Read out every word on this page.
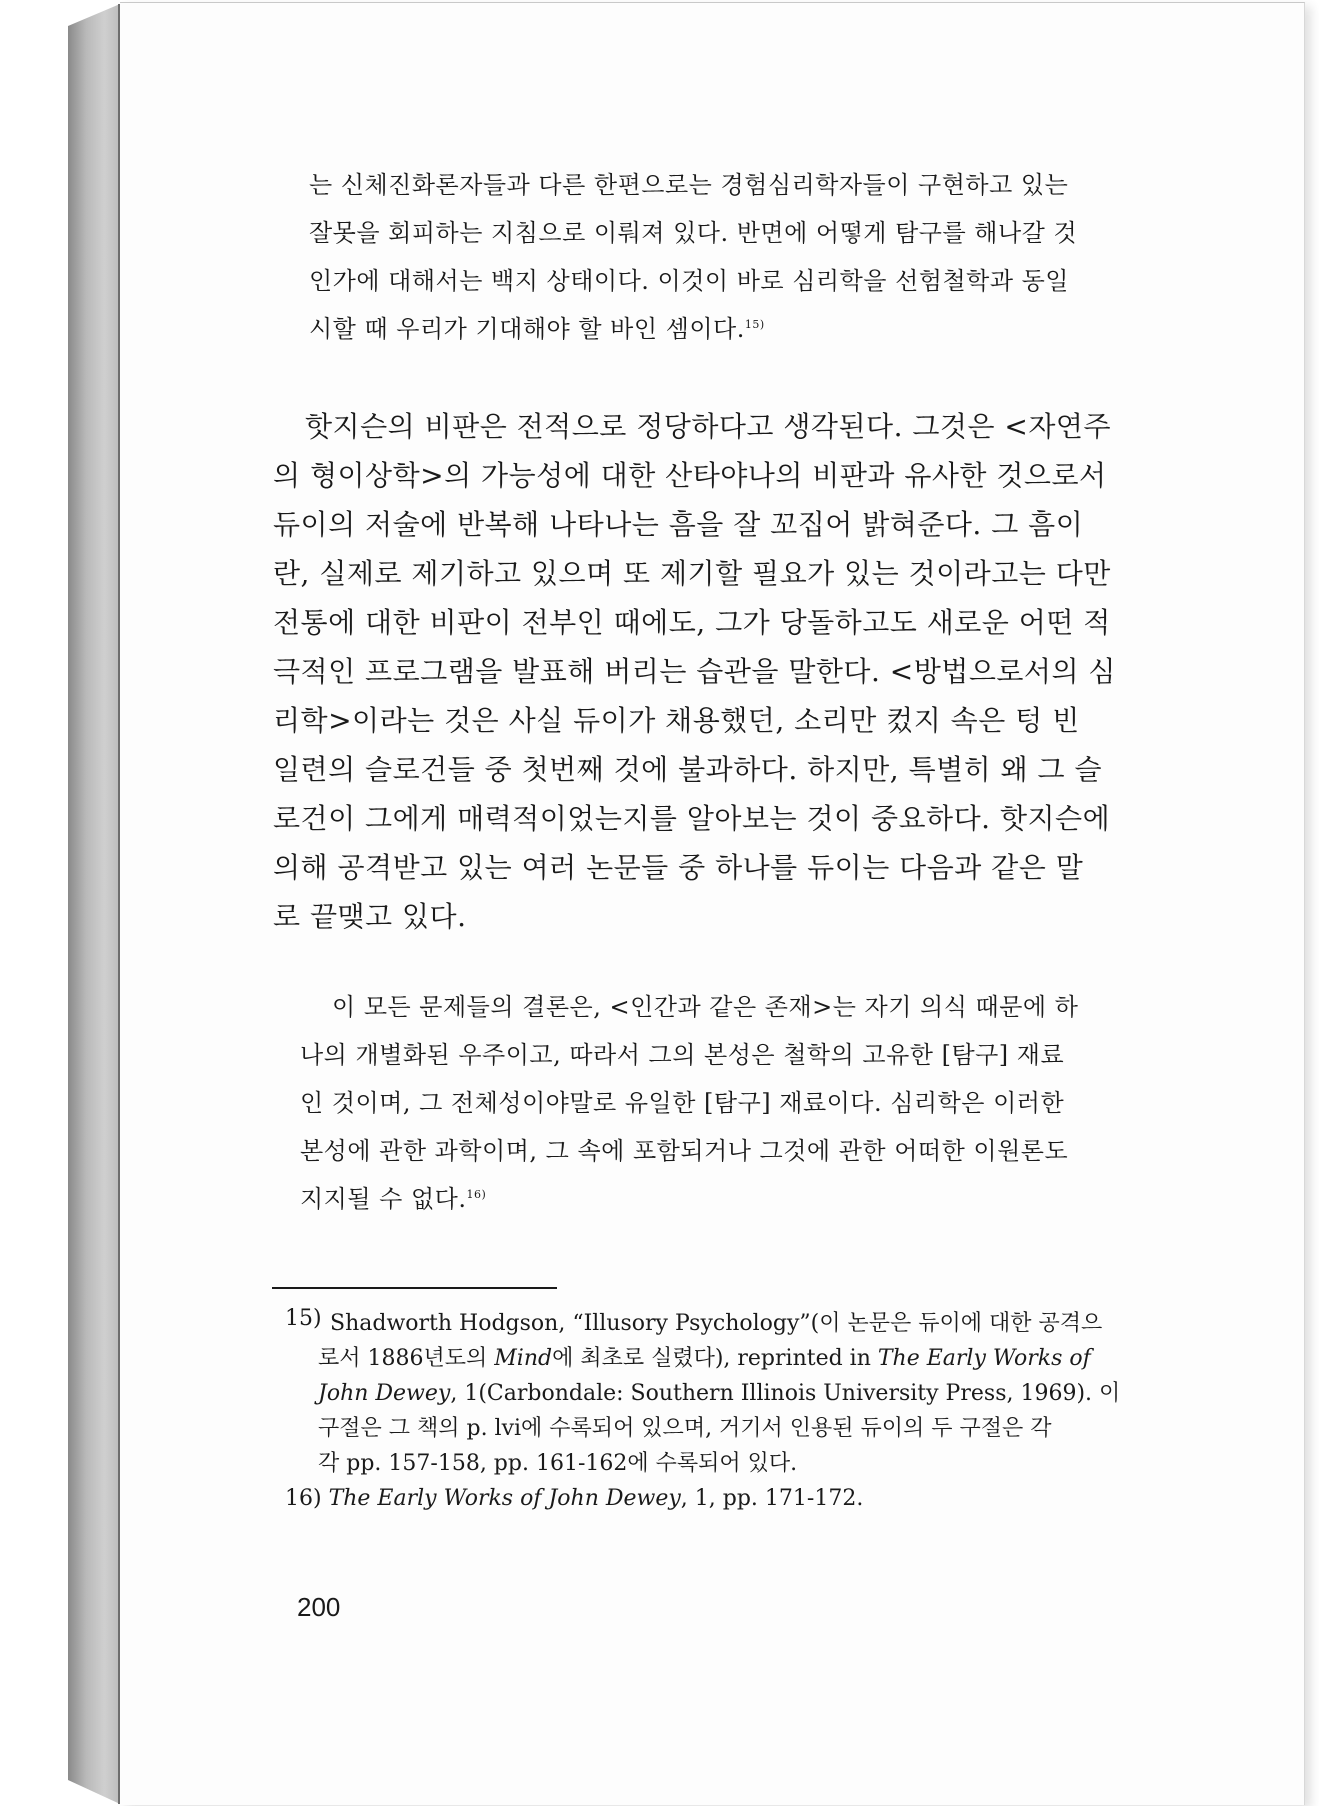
는 신체진화론자들과 다른 한편으로는 경험심리학자들이 구현하고 있는
잘못을 회피하는 지침으로 이뤄져 있다. 반면에 어떻게 탐구를 해나갈 것
인가에 대해서는 백지 상태이다. 이것이 바로 심리학을 선험철학과 동일
시할 때 우리가 기대해야 할 바인 셈이다.$^{15)}$
핫지슨의 비판은 전적으로 정당하다고 생각된다. 그것은 <자연주
의 형이상학>의 가능성에 대한 산타야나의 비판과 유사한 것으로서
듀이의 저술에 반복해 나타나는 흠을 잘 꼬집어 밝혀준다. 그 흠이
란, 실제로 제기하고 있으며 또 제기할 필요가 있는 것이라고는 다만
전통에 대한 비판이 전부인 때에도, 그가 당돌하고도 새로운 어떤 적
극적인 프로그램을 발표해 버리는 습관을 말한다. <방법으로서의 심
리학>이라는 것은 사실 듀이가 채용했던, 소리만 컸지 속은 텅 빈
일련의 슬로건들 중 첫번째 것에 불과하다. 하지만, 특별히 왜 그 슬
로건이 그에게 매력적이었는지를 알아보는 것이 중요하다. 핫지슨에
의해 공격받고 있는 여러 논문들 중 하나를 듀이는 다음과 같은 말
로 끝맺고 있다.
이 모든 문제들의 결론은, <인간과 같은 존재>는 자기 의식 때문에 하
나의 개별화된 우주이고, 따라서 그의 본성은 철학의 고유한 [탐구] 재료
인 것이며, 그 전체성이야말로 유일한 [탐구] 재료이다. 심리학은 이러한
본성에 관한 과학이며, 그 속에 포함되거나 그것에 관한 어떠한 이원론도
지지될 수 없다.$^{16)}$
15) Shadworth Hodgson, “Illusory Psychology”(이 논문은 듀이에 대한 공격으
로서 1886년도의 Mind에 최초로 실렸다), reprinted in The Early Works of
John Dewey, 1(Carbondale: Southern Illinois University Press, 1969). 이
구절은 그 책의 p. lvi에 수록되어 있으며, 거기서 인용된 듀이의 두 구절은 각
각 pp. 157-158, pp. 161-162에 수록되어 있다.
16) The Early Works of John Dewey, 1, pp. 171-172.
200
